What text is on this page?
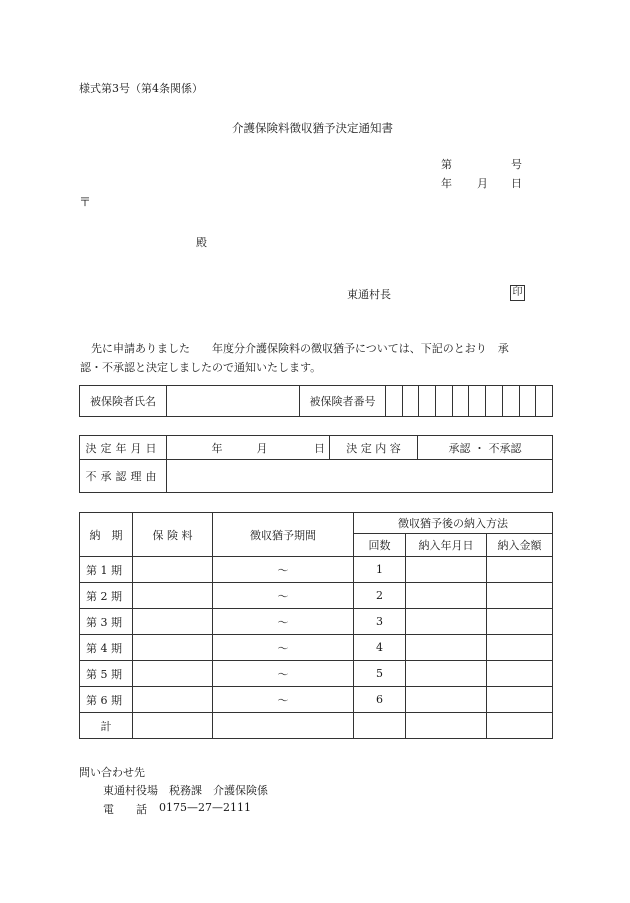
様式第3号（第4条関係）
介護保険料徴収猶予決定通知書
第	号
年 月 日
〒
殿
東通村長	印
先に申請ありました　　年度分介護保険料の徴収猶予については、下記のとおり　承
認・不承認と決定しましたので通知いたします。
被保険者氏名		被保険者番号										
決定年月日	年	月	日	決 定 内 容	承認 ・ 不承認
不承認理由					
納　期	保 険 料	徴収猶予期間	徴収猶予後の納入方法		
			回数	納入年月日	納入金額
第 1 期		〜	1		
第 2 期		〜	2		
第 3 期		〜	3		
第 4 期		〜	4		
第 5 期		〜	5		
第 6 期		〜	6		
計					
問い合わせ先
東通村役場　税務課　介護保険係
電　　話 0175—27—2111
